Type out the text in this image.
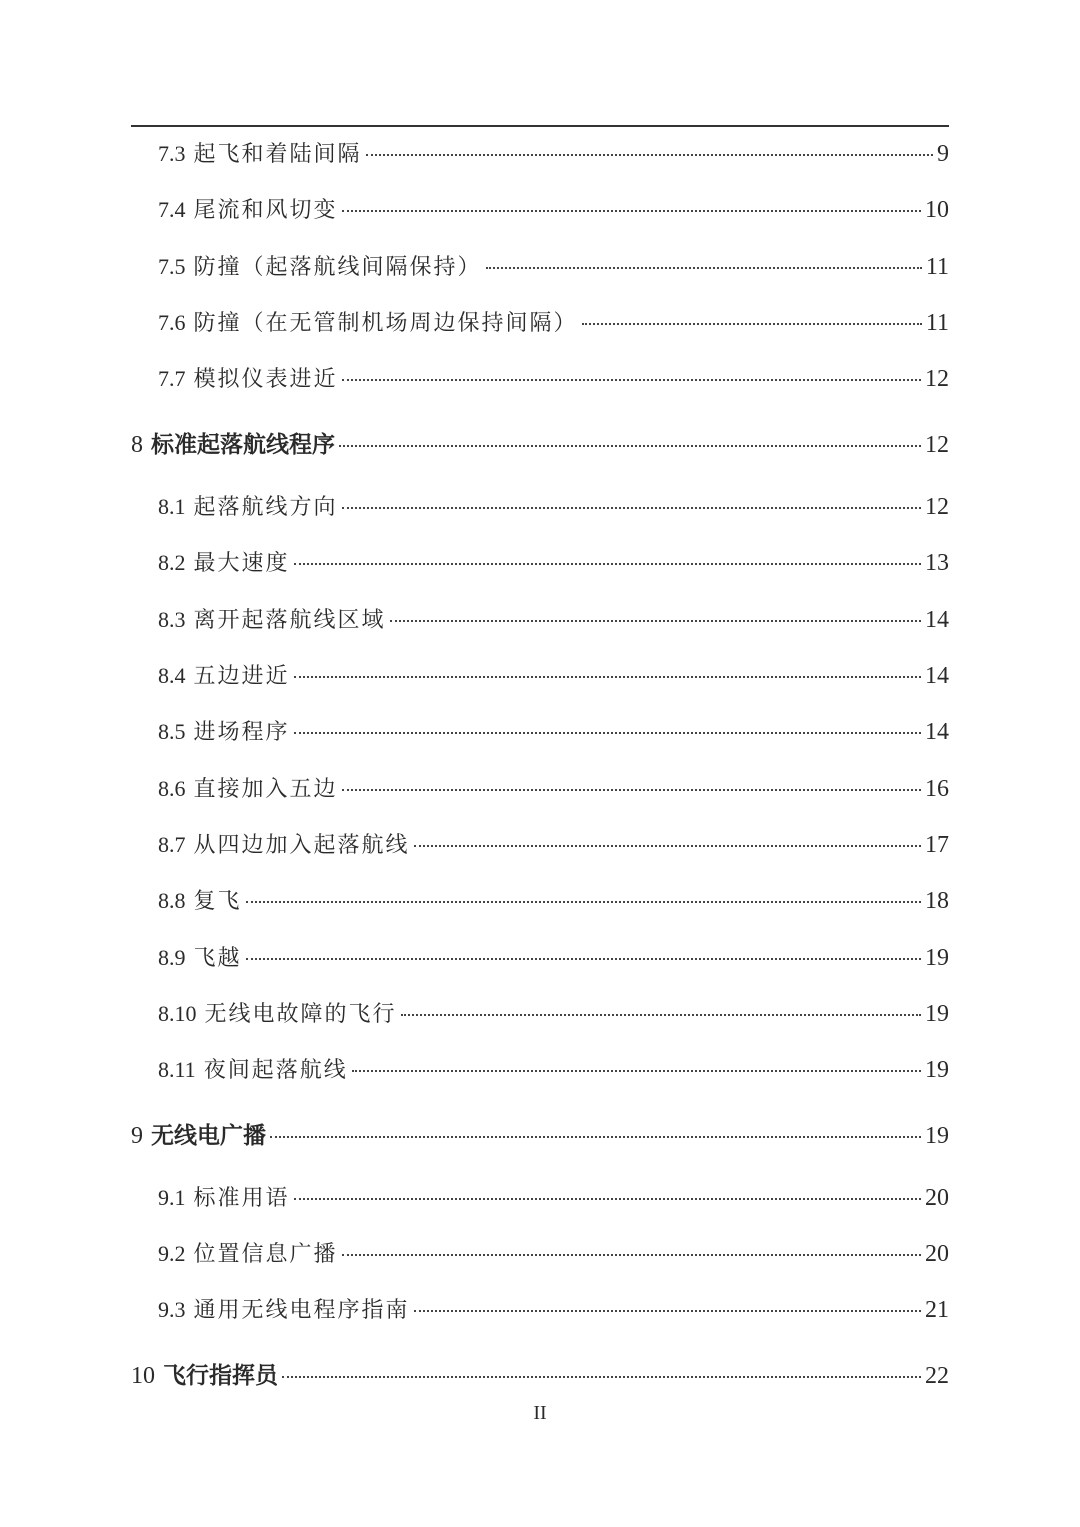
7.3 起飞和着陆间隔	9
7.4 尾流和风切变	10
7.5 防撞（起落航线间隔保持）	11
7.6 防撞（在无管制机场周边保持间隔）	11
7.7 模拟仪表进近	12
8 标准起落航线程序	12
8.1 起落航线方向	12
8.2 最大速度	13
8.3 离开起落航线区域	14
8.4 五边进近	14
8.5 进场程序	14
8.6 直接加入五边	16
8.7 从四边加入起落航线	17
8.8 复飞	18
8.9 飞越	19
8.10 无线电故障的飞行	19
8.11 夜间起落航线	19
9 无线电广播	19
9.1 标准用语	20
9.2 位置信息广播	20
9.3 通用无线电程序指南	21
10 飞行指挥员	22
II
